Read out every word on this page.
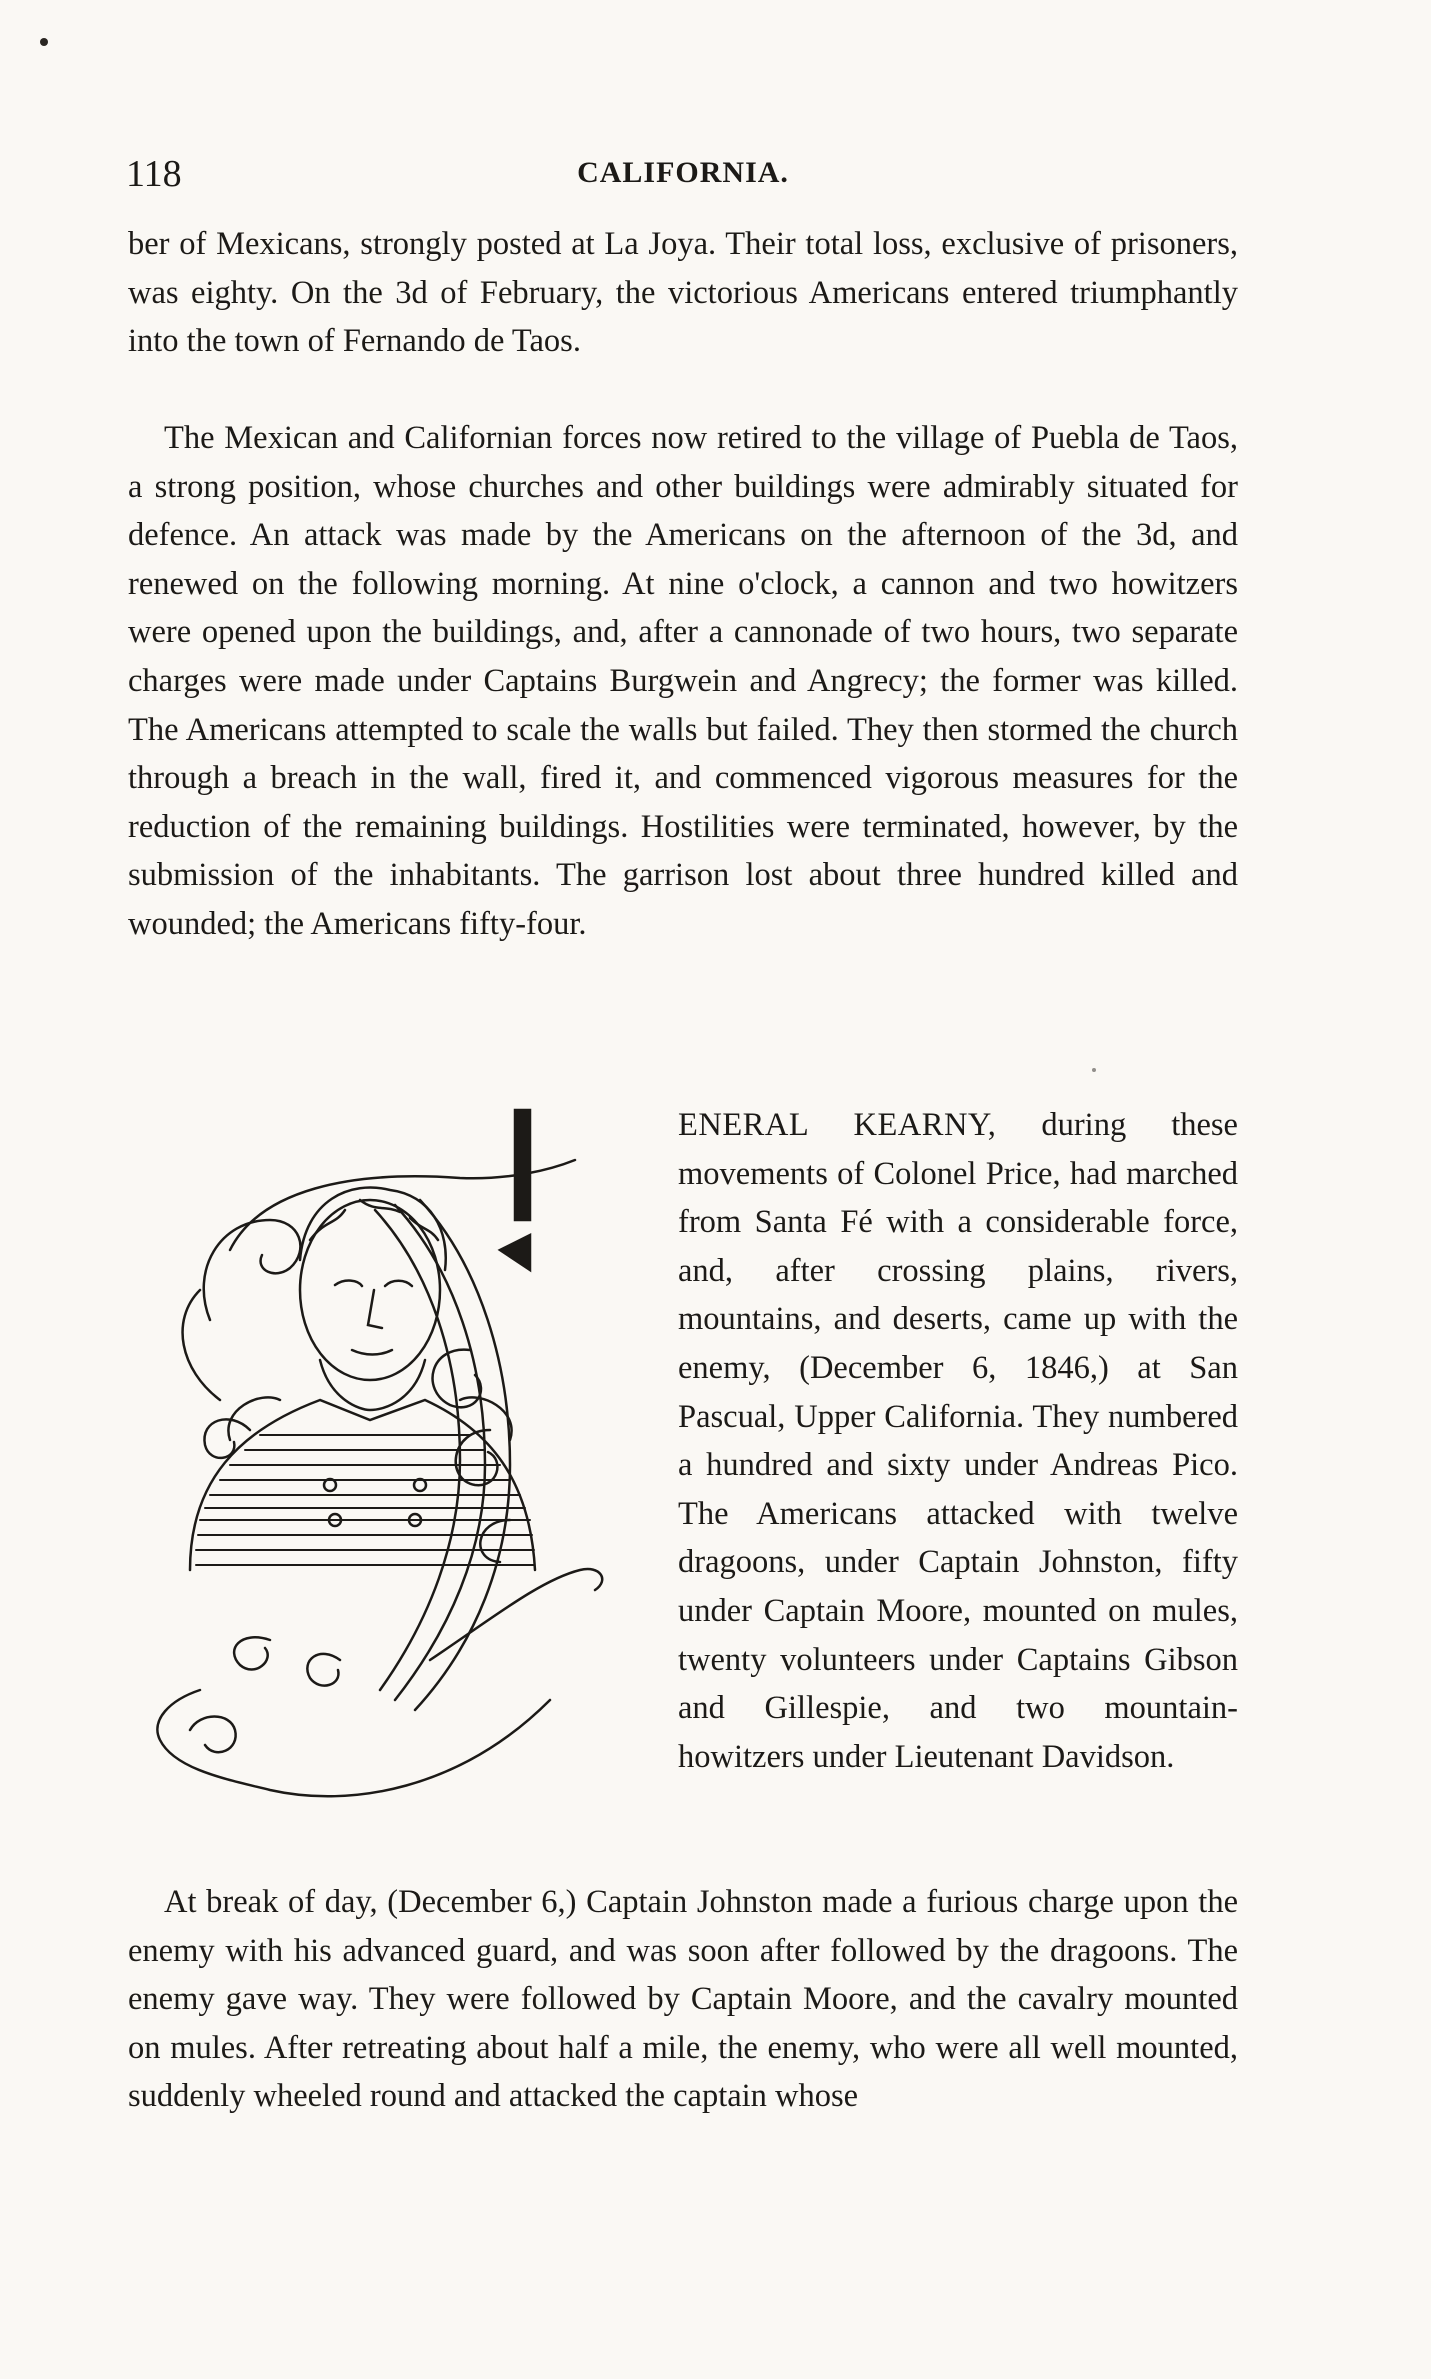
118	CALIFORNIA.

ber of Mexicans, strongly posted at La Joya. Their total loss, exclusive of prisoners, was eighty. On the 3d of February, the victorious Americans entered triumphantly into the town of Fernando de Taos.

The Mexican and Californian forces now retired to the village of Puebla de Taos, a strong position, whose churches and other buildings were admirably situated for defence. An attack was made by the Americans on the afternoon of the 3d, and renewed on the following morning. At nine o'clock, a cannon and two howitzers were opened upon the buildings, and, after a cannonade of two hours, two separate charges were made under Captains Burgwein and Angrecy; the former was killed. The Americans attempted to scale the walls but failed. They then stormed the church through a breach in the wall, fired it, and commenced vigorous measures for the reduction of the remaining buildings. Hostilities were terminated, however, by the submission of the inhabitants. The garrison lost about three hundred killed and wounded; the Americans fifty-four.

ENERAL KEARNY, during these movements of Colonel Price, had marched from Santa Fé with a considerable force, and, after crossing plains, rivers, mountains, and deserts, came up with the enemy, (December 6, 1846,) at San Pascual, Upper California. They numbered a hundred and sixty under Andreas Pico. The Americans attacked with twelve dragoons, under Captain Johnston, fifty under Captain Moore, mounted on mules, twenty volunteers under Captains Gibson and Gillespie, and two mountain-howitzers under Lieutenant Davidson.

At break of day, (December 6,) Captain Johnston made a furious charge upon the enemy with his advanced guard, and was soon after followed by the dragoons. The enemy gave way. They were followed by Captain Moore, and the cavalry mounted on mules. After retreating about half a mile, the enemy, who were all well mounted, suddenly wheeled round and attacked the captain whose
